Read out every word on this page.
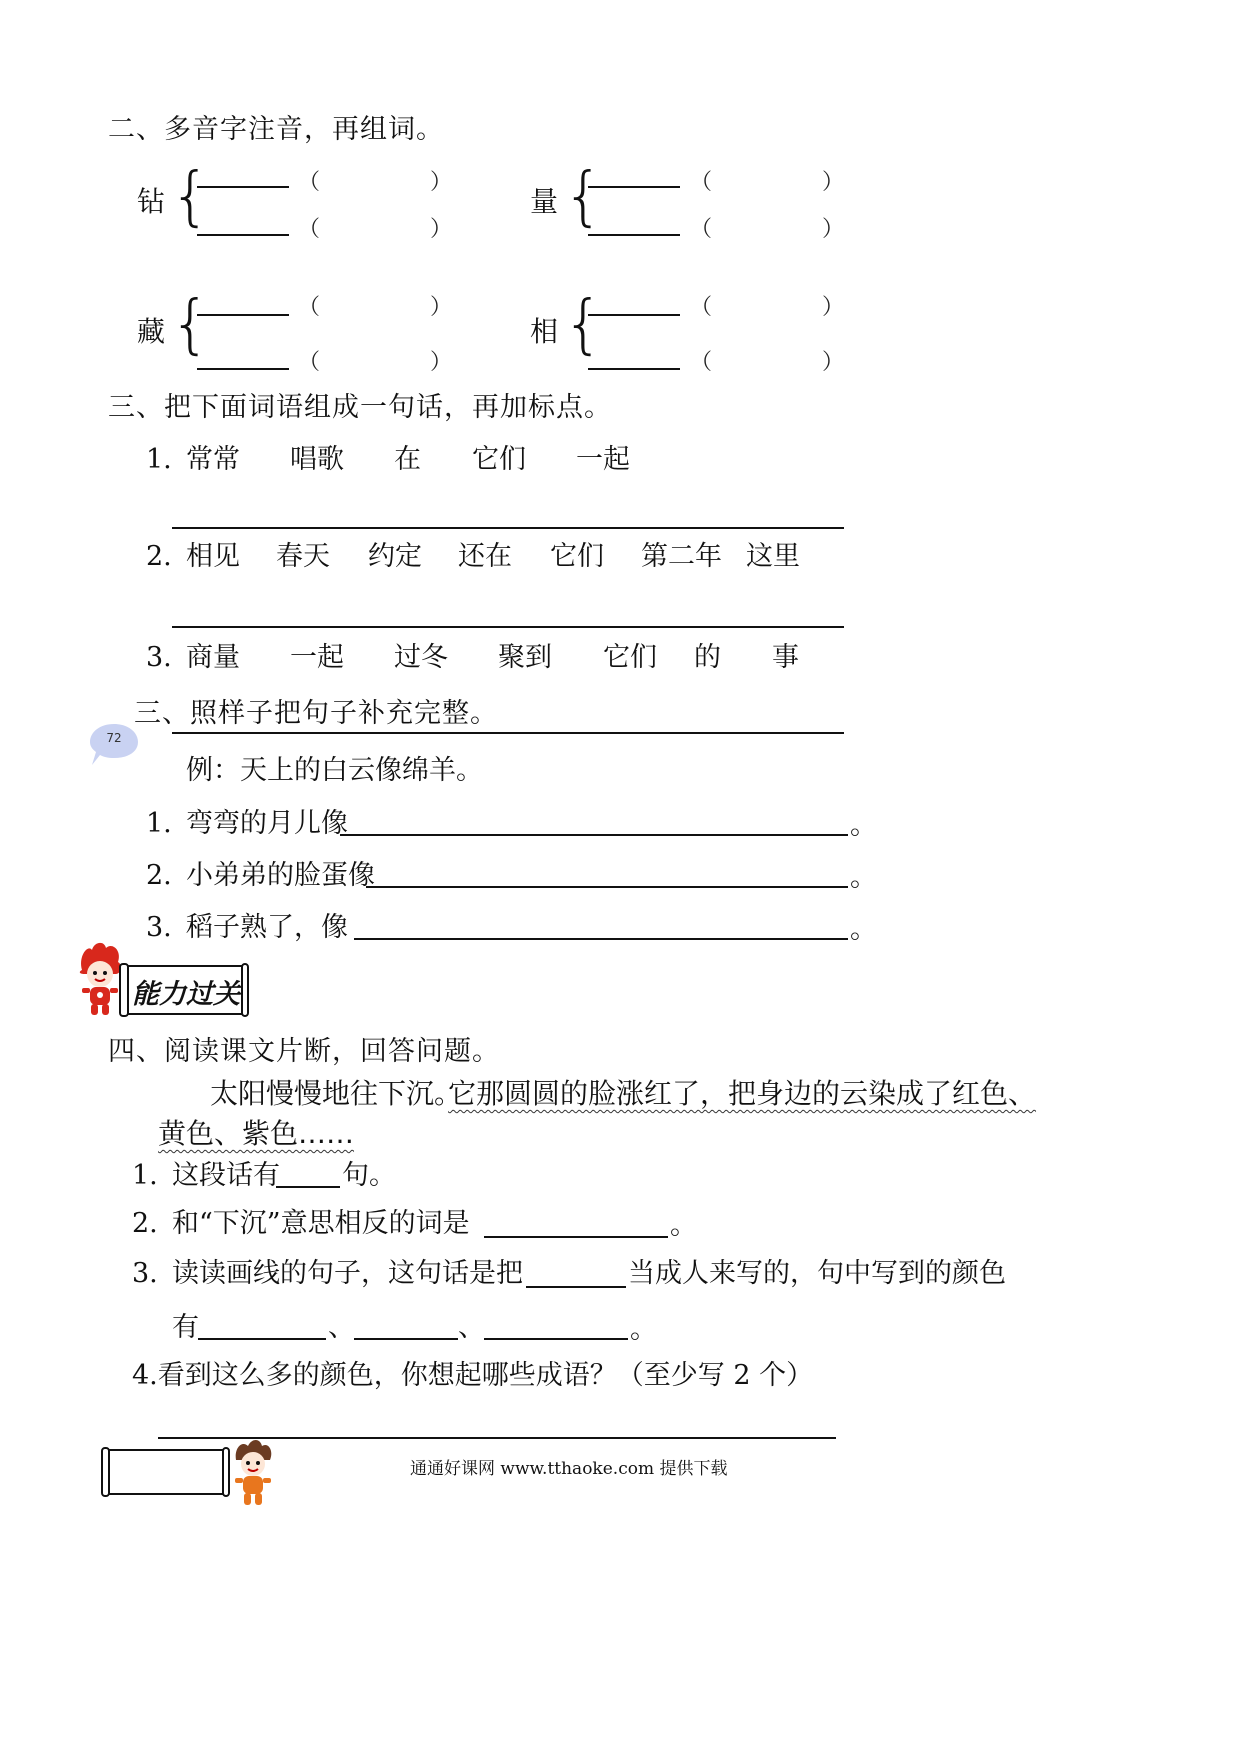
二、多音字注音，再组词。
钻 {	（	）
（	）
量 {	（	）
（	）
藏 {	（	）
（	）
相 {	（	）
（	）
三、把下面词语组成一句话，再加标点。
1. 常常 唱歌 在 它们 一起
2. 相见 春天 约定 还在 它们 第二年 这里
3. 商量 一起 过冬 聚到 它们 的 事
72
三、照样子把句子补充完整。
例：天上的白云像绵羊。
1. 弯弯的月儿像	。
2. 小弟弟的脸蛋像	。
3. 稻子熟了，像	。
能力过关
四、阅读课文片断，回答问题。
太阳慢慢地往下沉。
它那圆圆的脸涨红了，把身边的云染成了红色、
黄色、紫色……
1. 这段话有 句。
2. 和“下沉”意思相反的词是	。
3. 读读画线的句子，这句话是把	当成人来写的，句中写到的颜色
有	、	、	。
4.看到这么多的颜色，你想起哪些成语？（至少写 2 个）
通通好课网 www.tthaoke.com 提供下载
